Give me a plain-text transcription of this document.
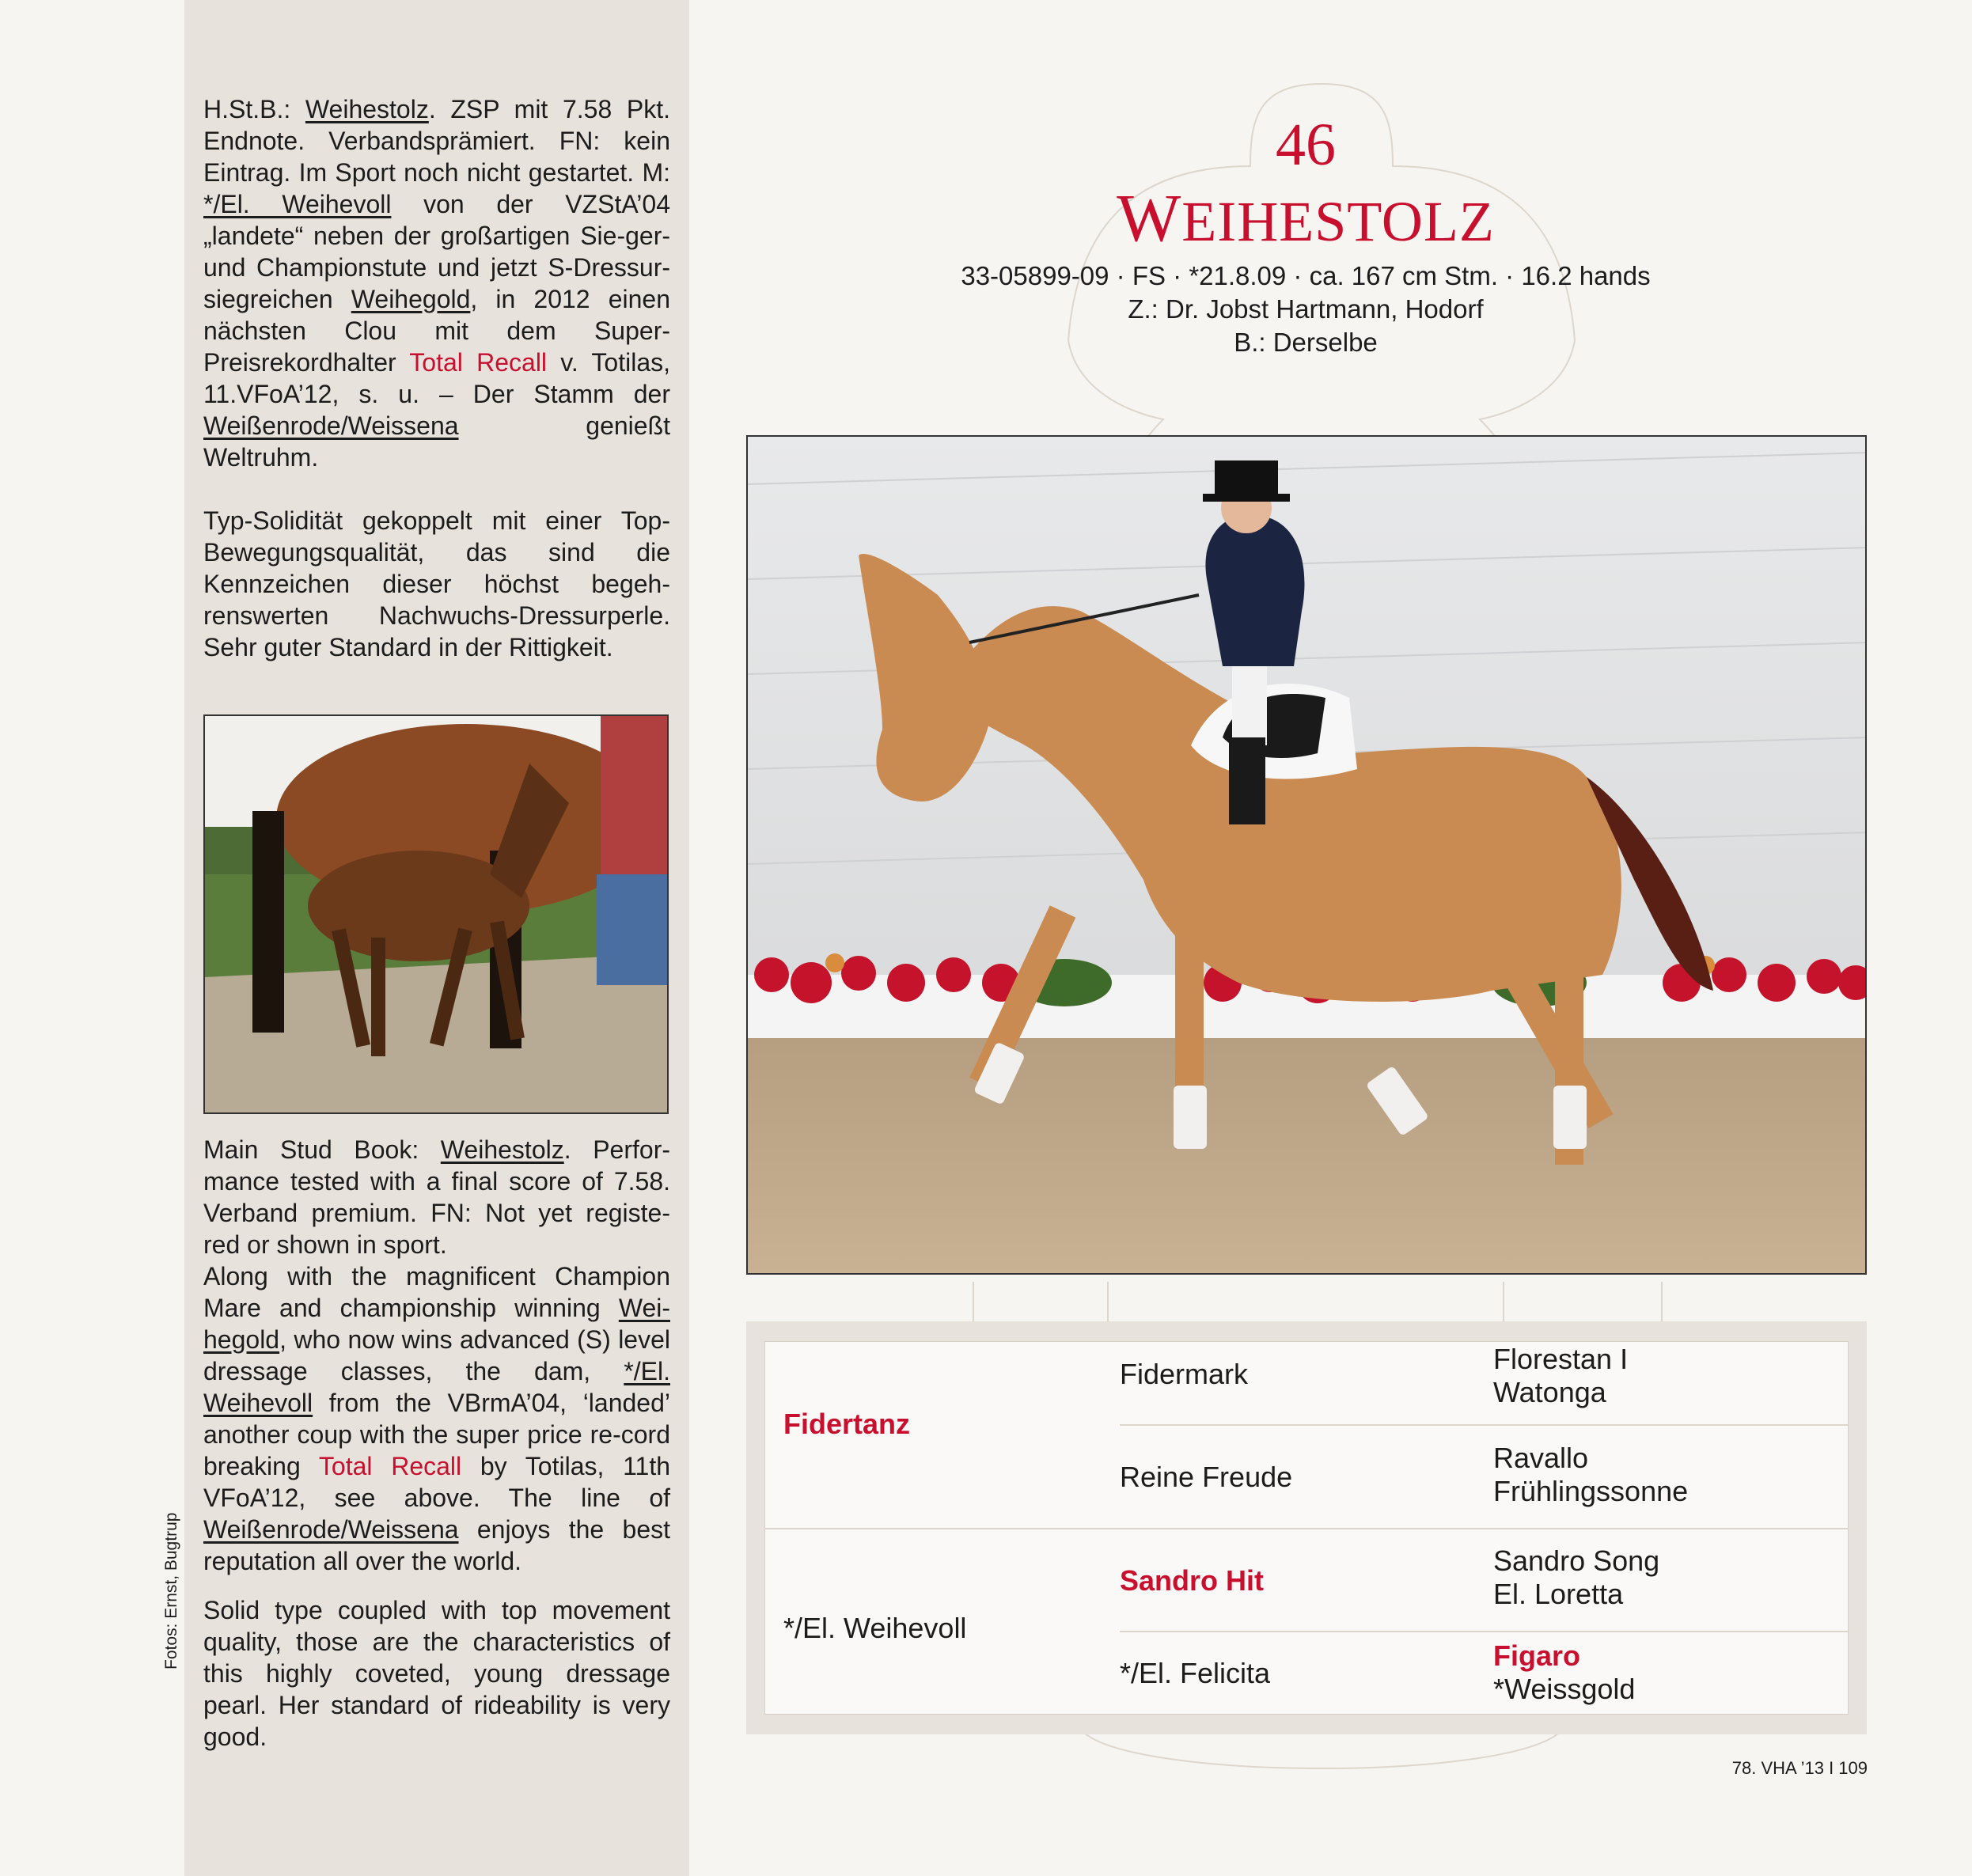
Fotos: Ernst, Bugtrup

H.St.B.: Weihestolz. ZSP mit 7.58 Pkt. Endnote. Verbandsprämiert. FN: kein Eintrag. Im Sport noch nicht gestartet. M: */El. Weihevoll von der VZStA’04 „landete“ neben der großartigen Sie-ger- und Championstute und jetzt S-Dressur-siegreichen Weihegold, in 2012 einen nächsten Clou mit dem Super-Preisrekordhalter Total Recall v. Totilas, 11.VFoA’12, s. u. – Der Stamm der Weißenrode/Weissena genießt Weltruhm.

Typ-Solidität gekoppelt mit einer Top-Bewegungsqualität, das sind die Kennzeichen dieser höchst begeh-renswerten Nachwuchs-Dressurperle. Sehr guter Standard in der Rittigkeit.

Main Stud Book: Weihestolz. Perfor-mance tested with a final score of 7.58. Verband premium. FN: Not yet registe-red or shown in sport.
Along with the magnificent Champion Mare and championship winning Wei-hegold, who now wins advanced (S) level dressage classes, the dam, */El. Weihevoll from the VBrmA’04, ‘landed’ another coup with the super price re-cord breaking Total Recall by Totilas, 11th VFoA’12, see above. The line of Weißenrode/Weissena enjoys the best reputation all over the world.

Solid type coupled with top movement quality, those are the characteristics of this highly coveted, young dressage pearl. Her standard of rideability is very good.

46
WEIHESTOLZ
33-05899-09 · FS · *21.8.09 · ca. 167 cm Stm. · 16.2 hands
Z.: Dr. Jobst Hartmann, Hodorf
B.: Derselbe
Fidertanz
*/El. Weihevoll
Fidermark
Reine Freude
Sandro Hit
*/El. Felicita
Florestan I
Watonga
Ravallo
Frühlingssonne
Sandro Song
El. Loretta
Figaro
*Weissgold
78. VHA ’13 I 109
